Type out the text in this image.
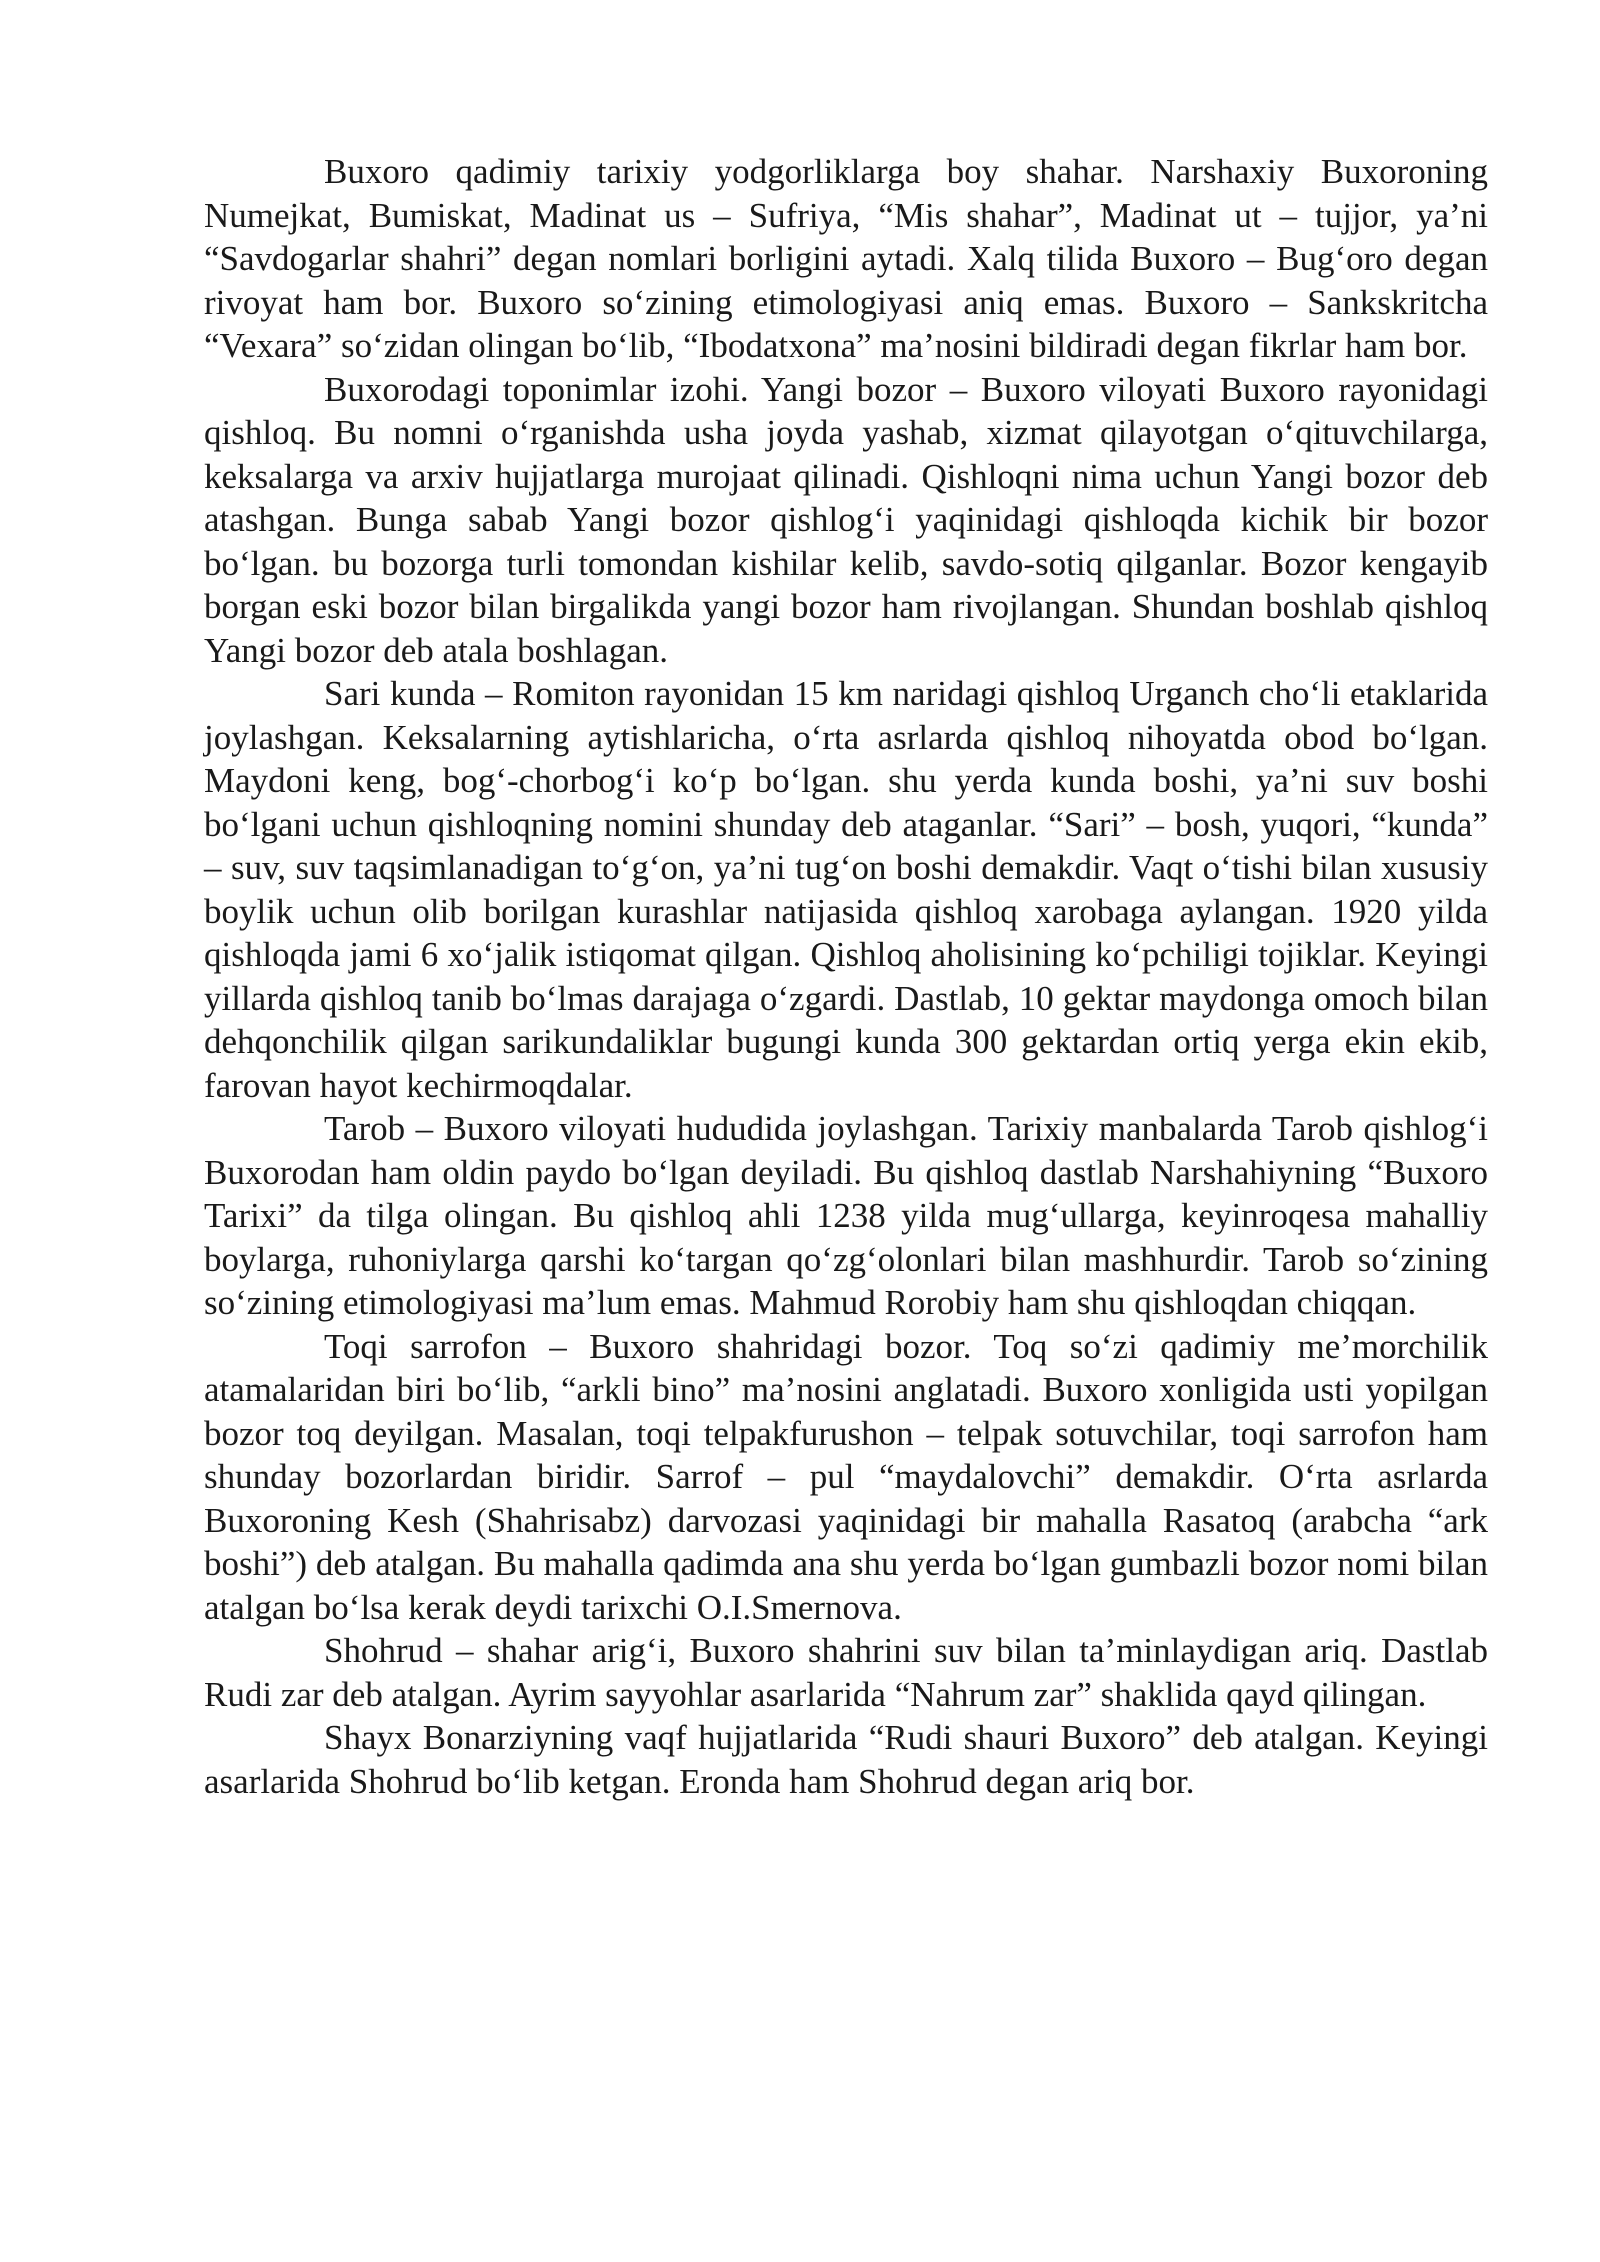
Buxoro qadimiy tarixiy yodgorliklarga boy shahar. Narshaxiy Buxoroning Numejkat, Bumiskat, Madinat us – Sufriya, “Mis shahar”, Madinat ut – tujjor, ya’ni “Savdogarlar shahri” degan nomlari borligini aytadi. Xalq tilida Buxoro – Bug‘oro degan rivoyat ham bor. Buxoro so‘zining etimologiyasi aniq emas. Buxoro – Sankskritcha “Vexara” so‘zidan olingan bo‘lib, “Ibodatxona” ma’nosini bildiradi degan fikrlar ham bor.

Buxorodagi toponimlar izohi. Yangi bozor – Buxoro viloyati Buxoro rayonidagi qishloq. Bu nomni o‘rganishda usha joyda yashab, xizmat qilayotgan o‘qituvchilarga, keksalarga va arxiv hujjatlarga murojaat qilinadi. Qishloqni nima uchun Yangi bozor deb atashgan. Bunga sabab Yangi bozor qishlog‘i yaqinidagi qishloqda kichik bir bozor bo‘lgan. bu bozorga turli tomondan kishilar kelib, savdo-sotiq qilganlar. Bozor kengayib borgan eski bozor bilan birgalikda yangi bozor ham rivojlangan. Shundan boshlab qishloq Yangi bozor deb atala boshlagan.

Sari kunda – Romiton rayonidan 15 km naridagi qishloq Urganch cho‘li etaklarida joylashgan. Keksalarning aytishlaricha, o‘rta asrlarda qishloq nihoyatda obod bo‘lgan. Maydoni keng, bog‘-chorbog‘i ko‘p bo‘lgan. shu yerda kunda boshi, ya’ni suv boshi bo‘lgani uchun qishloqning nomini shunday deb ataganlar. “Sari” – bosh, yuqori, “kunda” – suv, suv taqsimlanadigan to‘g‘on, ya’ni tug‘on boshi demakdir. Vaqt o‘tishi bilan xususiy boylik uchun olib borilgan kurashlar natijasida qishloq xarobaga aylangan. 1920 yilda qishloqda jami 6 xo‘jalik istiqomat qilgan. Qishloq aholisining ko‘pchiligi tojiklar. Keyingi yillarda qishloq tanib bo‘lmas darajaga o‘zgardi. Dastlab, 10 gektar maydonga omoch bilan dehqonchilik qilgan sarikundaliklar bugungi kunda 300 gektardan ortiq yerga ekin ekib, farovan hayot kechirmoqdalar.

Tarob – Buxoro viloyati hududida joylashgan. Tarixiy manbalarda Tarob qishlog‘i Buxorodan ham oldin paydo bo‘lgan deyiladi. Bu qishloq dastlab Narshahiyning “Buxoro Tarixi” da tilga olingan. Bu qishloq ahli 1238 yilda mug‘ullarga, keyinroqesa mahalliy boylarga, ruhoniylarga qarshi ko‘targan qo‘zg‘olonlari bilan mashhurdir. Tarob so‘zining so‘zining etimologiyasi ma’lum emas. Mahmud Rorobiy ham shu qishloqdan chiqqan.

Toqi sarrofon – Buxoro shahridagi bozor. Toq so‘zi qadimiy me’morchilik atamalaridan biri bo‘lib, “arkli bino” ma’nosini anglatadi. Buxoro xonligida usti yopilgan bozor toq deyilgan. Masalan, toqi telpakfurushon – telpak sotuvchilar, toqi sarrofon ham shunday bozorlardan biridir. Sarrof – pul “maydalovchi” demakdir. O‘rta asrlarda Buxoroning Kesh (Shahrisabz) darvozasi yaqinidagi bir mahalla Rasatoq (arabcha “ark boshi”) deb atalgan. Bu mahalla qadimda ana shu yerda bo‘lgan gumbazli bozor nomi bilan atalgan bo‘lsa kerak deydi tarixchi O.I.Smernova.

Shohrud – shahar arig‘i, Buxoro shahrini suv bilan ta’minlaydigan ariq. Dastlab Rudi zar deb atalgan. Ayrim sayyohlar asarlarida “Nahrum zar” shaklida qayd qilingan.

Shayx Bonarziyning vaqf hujjatlarida “Rudi shauri Buxoro” deb atalgan. Keyingi asarlarida Shohrud bo‘lib ketgan. Eronda ham Shohrud degan ariq bor.
